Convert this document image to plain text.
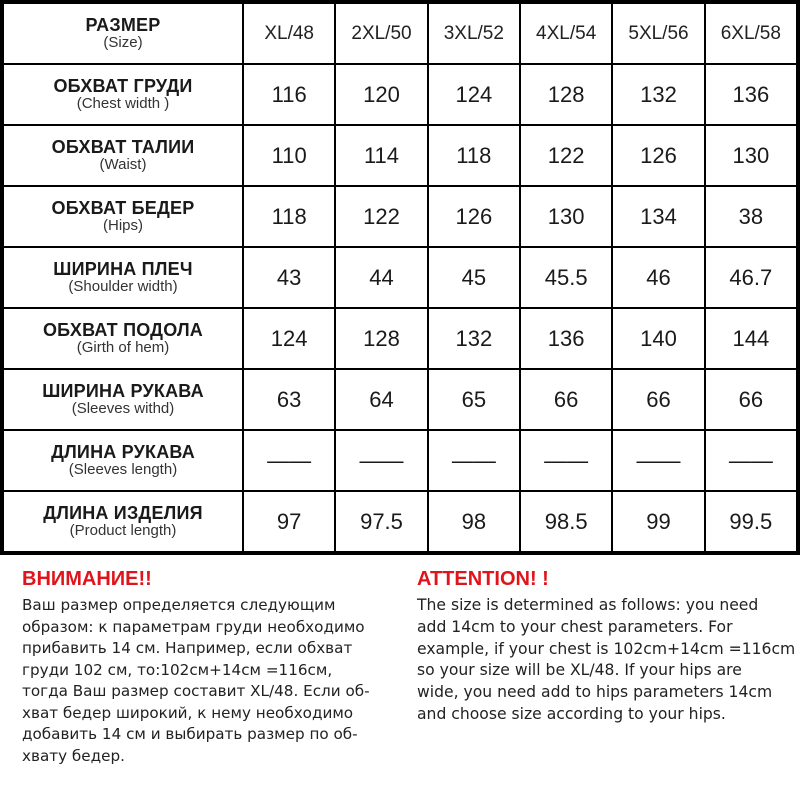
РАЗМЕР
(Size)	XL/48	2XL/50	3XL/52	4XL/54	5XL/56	6XL/58
ОБХВАТ ГРУДИ
(Chest width )	116	120	124	128	132	136
ОБХВАТ ТАЛИИ
(Waist)	110	114	118	122	126	130
ОБХВАТ БЕДЕР
(Hips)	118	122	126	130	134	38
ШИРИНА ПЛЕЧ
(Shoulder width)	43	44	45	45.5	46	46.7
ОБХВАТ ПОДОЛА
(Girth of hem)	124	128	132	136	140	144
ШИРИНА РУКАВА
(Sleeves withd)	63	64	65	66	66	66
ДЛИНА РУКАВА
(Sleeves length)	——	——	——	——	——	——
ДЛИНА ИЗДЕЛИЯ
(Product length)	97	97.5	98	98.5	99	99.5
ВНИМАНИЕ!!
Ваш размер определяется следующим
образом: к параметрам груди необходимо
прибавить 14 см. Например, если обхват
груди 102 см, то:102см+14см =116см,
тогда Ваш размер составит XL/48. Если об-
хват бедер широкий, к нему необходимо
добавить 14 см и выбирать размер по об-
хвату бедер.
ATTENTION! !
The size is determined as follows: you need
add 14cm to your chest parameters. For
example, if your chest is 102cm+14cm =116cm
so your size will be XL/48. If your hips are
wide, you need add to hips parameters 14cm
and choose size according to your hips.
